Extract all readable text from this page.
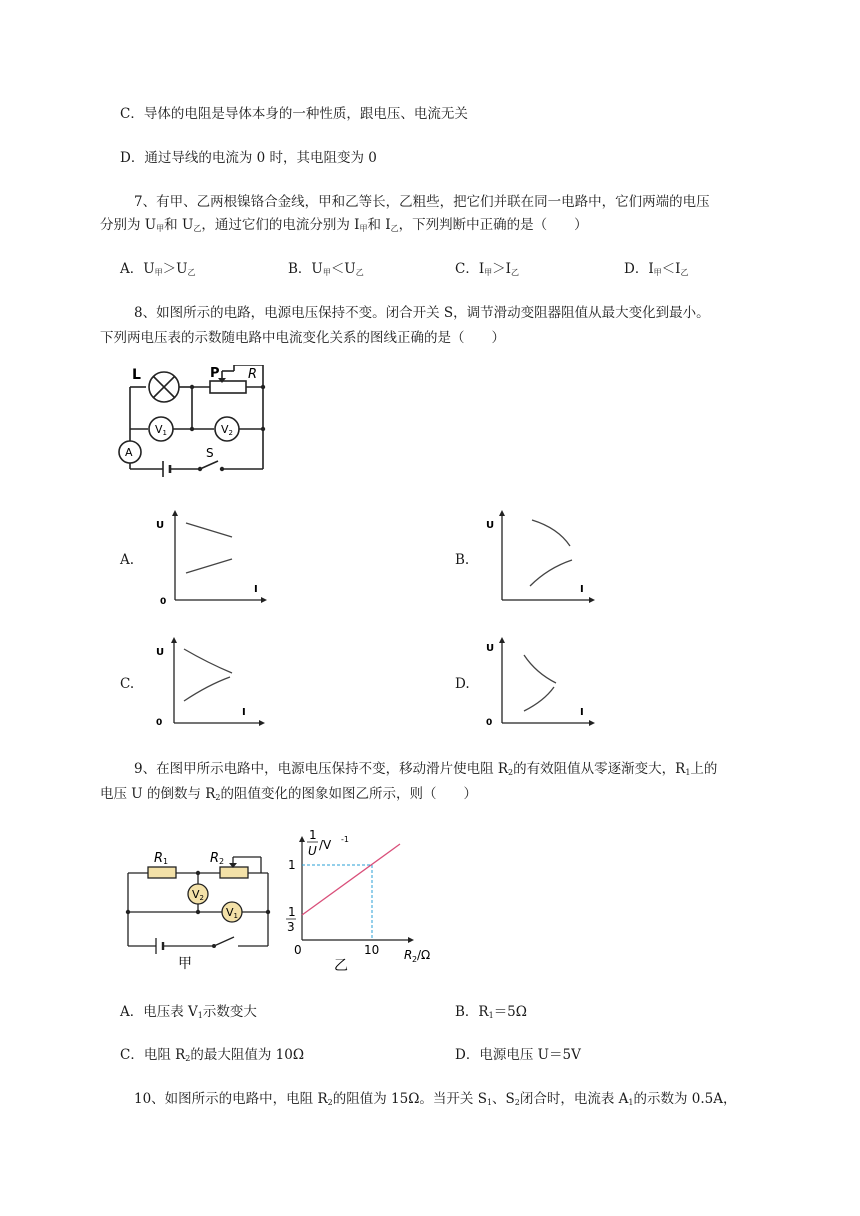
C．导体的电阻是导体本身的一种性质，跟电压、电流无关
D．通过导线的电流为 0 时，其电阻变为 0
7、有甲、乙两根镍铬合金线，甲和乙等长，乙粗些，把它们并联在同一电路中，它们两端的电压
分别为 $U_甲$和 $U_乙$，通过它们的电流分别为 $I_甲$和 $I_乙$，下列判断中正确的是（　　）
A．$U_甲>U_乙$	B．$U_甲<U_乙$	C．$I_甲>I_乙$	D．$I_甲<I_乙$
8、如图所示的电路，电源电压保持不变。闭合开关 S，调节滑动变阻器阻值从最大变化到最小。
下列两电压表的示数随电路中电流变化关系的图线正确的是（　　）
L	P R
V1	V2
A	S
A.
U
I
0
B.
U
I
C.
U
I
0
D.
U
I
0
9、在图甲所示电路中，电源电压保持不变，移动滑片使电阻 $R_2$的有效阻值从零逐渐变大，$R_1$上的
电压 U 的倒数与 $R_2$的阻值变化的图象如图乙所示，则（　　）
R 1	R 2
V2
V1
甲
1
U /V -1
1
1
3
0	10 R 2 /Ω
乙
A．电压表 $V_1$示数变大	B．$R_1=5\Omega$
C．电阻 $R_2$的最大阻值为 10Ω	D．电源电压 U＝5V
10、如图所示的电路中，电阻 $R_2$的阻值为 15Ω。当开关 $S_1$、$S_2$闭合时，电流表 $A_1$的示数为 0.5A，
